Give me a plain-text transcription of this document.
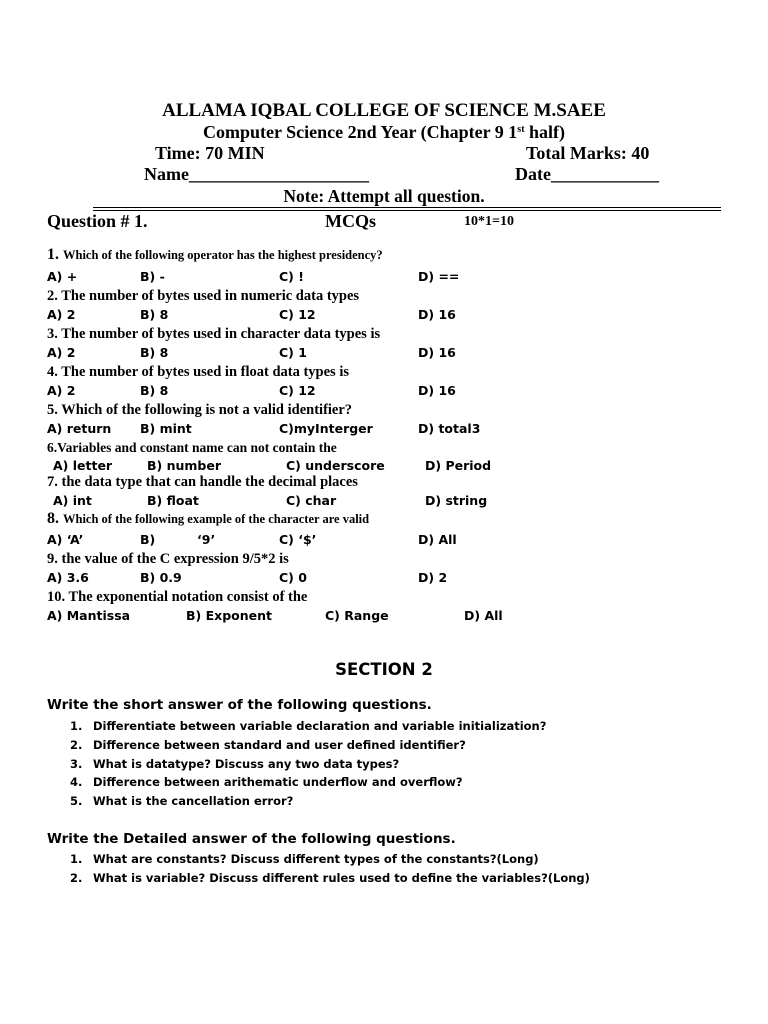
ALLAMA IQBAL COLLEGE OF SCIENCE M.SAEE
Computer Science 2nd Year (Chapter 9 1st half)
Time: 70 MIN	Total Marks: 40
Name____________________	Date____________
Note: Attempt all question.
Question # 1.	MCQs	10*1=10
1. Which of the following operator has the highest presidency?
A) +	B) -	C) !	D) ==
2. The number of bytes used in numeric data types
A) 2	B) 8	C) 12	D) 16
3. The number of bytes used in character data types is
A) 2	B) 8	C) 1	D) 16
4. The number of bytes used in float data types is
A) 2	B) 8	C) 12	D) 16
5. Which of the following is not a valid identifier?
A) return B) mint	C)myInterger	D) total3
6.Variables and constant name can not contain the
A) letter	B) number	C) underscore	D) Period
7. the data type that can handle the decimal places
A) int	B) float	C) char	D) string
8. Which of the following example of the character are valid
A) ‘A’	B)	‘9’	C) ‘$’	D) All
9. the value of the C expression 9/5*2 is
A) 3.6	B) 0.9	C) 0	D) 2
10. The exponential notation consist of the
A) Mantissa	B) Exponent	C) Range	D) All
SECTION 2
Write the short answer of the following questions.
1. Differentiate between variable declaration and variable initialization?
2. Difference between standard and user defined identifier?
3. What is datatype? Discuss any two data types?
4. Difference between arithematic underflow and overflow?
5. What is the cancellation error?
Write the Detailed answer of the following questions.
1. What are constants? Discuss different types of the constants?(Long)
2. What is variable? Discuss different rules used to define the variables?(Long)
